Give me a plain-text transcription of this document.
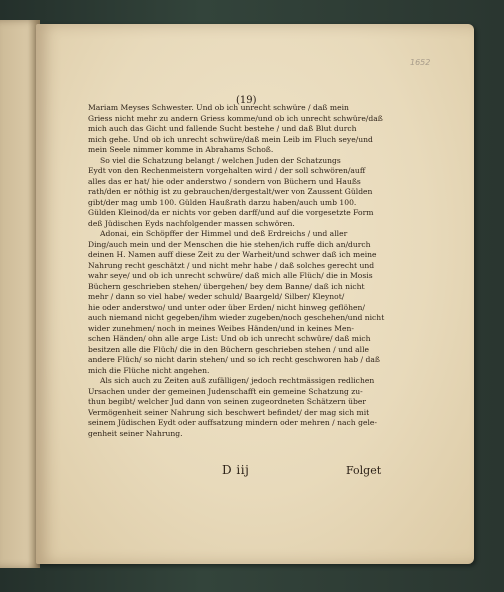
1652
(19)
Mariam Meyses Schwester. Und ob ich unrecht schwüre / daß mein
Griess nicht mehr zu andern Griess komme/und ob ich unrecht schwüre/daß
mich auch das Gicht und fallende Sucht bestehe / und daß Blut durch
mich gehe. Und ob ich unrecht schwüre/daß mein Leib im Fluch seye/und
mein Seele nimmer komme in Abrahams Schoß.
So viel die Schatzung belangt / welchen Juden der Schatzungs
Eydt von den Rechenmeistern vorgehalten wird / der soll schwören/auff
alles das er hat/ hie oder anderstwo / sondern von Büchern und Haußs
rath/den er nöthig ist zu gebrauchen/dergestalt/wer von Zaussent Gülden
gibt/der mag umb 100. Gülden Haußrath darzu haben/auch umb 100.
Gülden Kleinod/da er nichts vor geben darff/und auf die vorgesetzte Form
deß Jüdischen Eyds nachfolgender massen schwören.
Adonai, ein Schöpffer der Himmel und deß Erdreichs / und aller
Ding/auch mein und der Menschen die hie stehen/ich ruffe dich an/durch
deinen H. Namen auff diese Zeit zu der Warheit/und schwer daß ich meine
Nahrung recht geschätzt / und nicht mehr habe / daß solches gerecht und
wahr seye/ und ob ich unrecht schwüre/ daß mich alle Flüch/ die in Mosis
Büchern geschrieben stehen/ übergehen/ bey dem Banne/ daß ich nicht
mehr / dann so viel habe/ weder schuld/ Baargeld/ Silber/ Kleynot/
hie oder anderstwo/ und unter oder über Erden/ nicht hinweg geflöhen/
auch niemand nicht gegeben/ihm wieder zugeben/noch geschehen/und nicht
wider zunehmen/ noch in meines Weibes Händen/und in keines Men-
schen Händen/ ohn alle arge List: Und ob ich unrecht schwüre/ daß mich
besitzen alle die Flüch/ die in den Büchern geschrieben stehen / und alle
andere Flüch/ so nicht darin stehen/ und so ich recht geschworen hab / daß
mich die Flüche nicht angehen.
Als sich auch zu Zeiten auß zufälligen/ jedoch rechtmässigen redlichen
Ursachen under der gemeinen Judenschafft ein gemeine Schatzung zu-
thun begibt/ welcher Jud dann von seinen zugeordneten Schätzern über
Vermögenheit seiner Nahrung sich beschwert befindet/ der mag sich mit
seinem Jüdischen Eydt oder auffsatzung mindern oder mehren / nach gele-
genheit seiner Nahrung.
D iij	Folget
